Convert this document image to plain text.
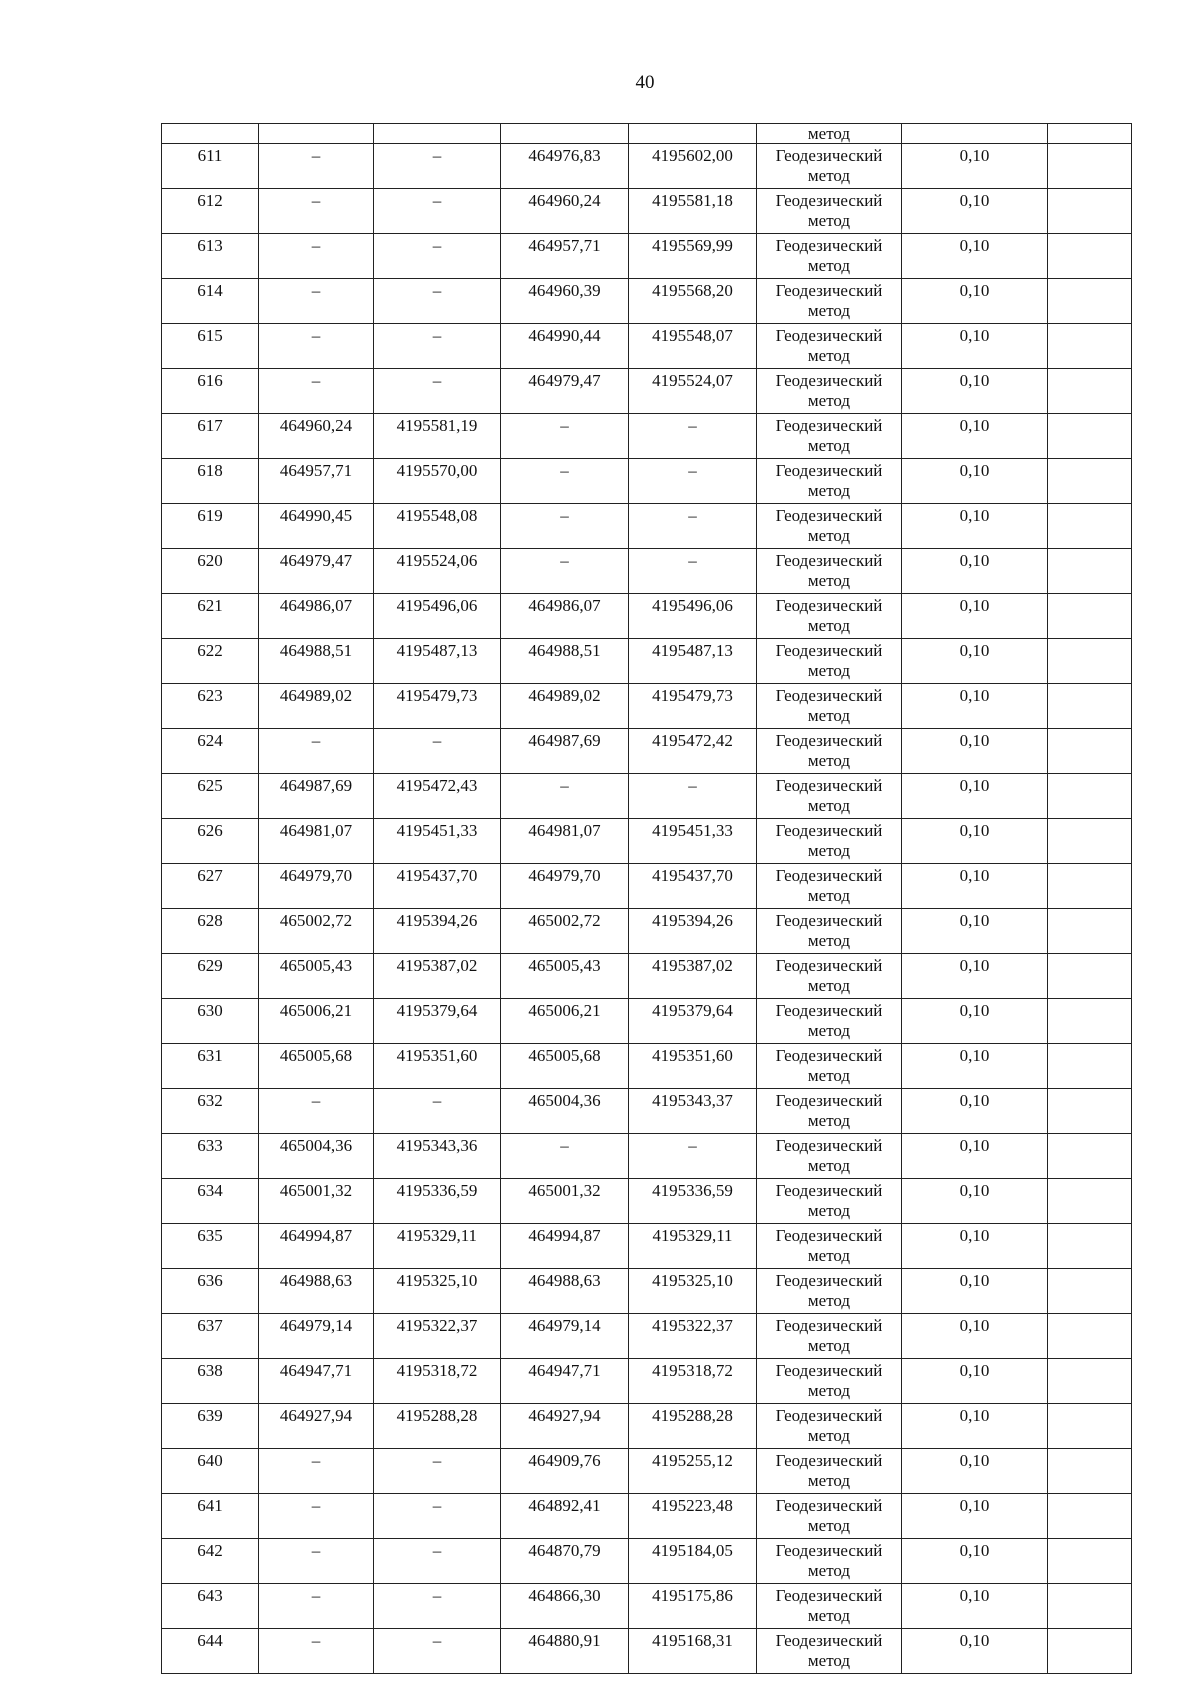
40
					метод		
611	–	–	464976,83	4195602,00	Геодезический
метод	0,10	
612	–	–	464960,24	4195581,18	Геодезический
метод	0,10	
613	–	–	464957,71	4195569,99	Геодезический
метод	0,10	
614	–	–	464960,39	4195568,20	Геодезический
метод	0,10	
615	–	–	464990,44	4195548,07	Геодезический
метод	0,10	
616	–	–	464979,47	4195524,07	Геодезический
метод	0,10	
617	464960,24	4195581,19	–	–	Геодезический
метод	0,10	
618	464957,71	4195570,00	–	–	Геодезический
метод	0,10	
619	464990,45	4195548,08	–	–	Геодезический
метод	0,10	
620	464979,47	4195524,06	–	–	Геодезический
метод	0,10	
621	464986,07	4195496,06	464986,07	4195496,06	Геодезический
метод	0,10	
622	464988,51	4195487,13	464988,51	4195487,13	Геодезический
метод	0,10	
623	464989,02	4195479,73	464989,02	4195479,73	Геодезический
метод	0,10	
624	–	–	464987,69	4195472,42	Геодезический
метод	0,10	
625	464987,69	4195472,43	–	–	Геодезический
метод	0,10	
626	464981,07	4195451,33	464981,07	4195451,33	Геодезический
метод	0,10	
627	464979,70	4195437,70	464979,70	4195437,70	Геодезический
метод	0,10	
628	465002,72	4195394,26	465002,72	4195394,26	Геодезический
метод	0,10	
629	465005,43	4195387,02	465005,43	4195387,02	Геодезический
метод	0,10	
630	465006,21	4195379,64	465006,21	4195379,64	Геодезический
метод	0,10	
631	465005,68	4195351,60	465005,68	4195351,60	Геодезический
метод	0,10	
632	–	–	465004,36	4195343,37	Геодезический
метод	0,10	
633	465004,36	4195343,36	–	–	Геодезический
метод	0,10	
634	465001,32	4195336,59	465001,32	4195336,59	Геодезический
метод	0,10	
635	464994,87	4195329,11	464994,87	4195329,11	Геодезический
метод	0,10	
636	464988,63	4195325,10	464988,63	4195325,10	Геодезический
метод	0,10	
637	464979,14	4195322,37	464979,14	4195322,37	Геодезический
метод	0,10	
638	464947,71	4195318,72	464947,71	4195318,72	Геодезический
метод	0,10	
639	464927,94	4195288,28	464927,94	4195288,28	Геодезический
метод	0,10	
640	–	–	464909,76	4195255,12	Геодезический
метод	0,10	
641	–	–	464892,41	4195223,48	Геодезический
метод	0,10	
642	–	–	464870,79	4195184,05	Геодезический
метод	0,10	
643	–	–	464866,30	4195175,86	Геодезический
метод	0,10	
644	–	–	464880,91	4195168,31	Геодезический
метод	0,10	
